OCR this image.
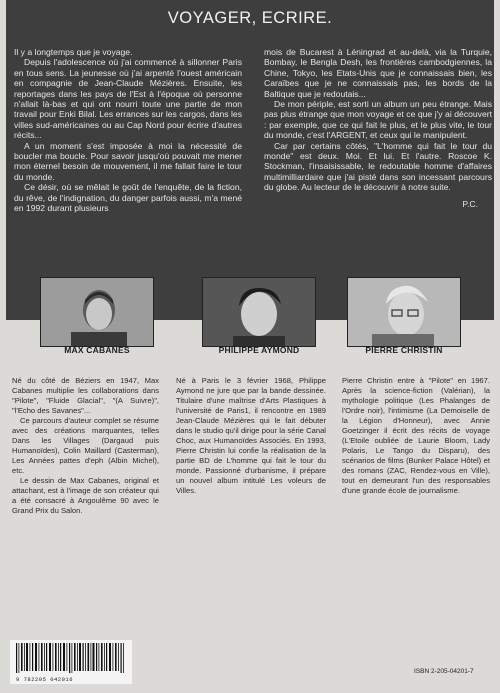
VOYAGER, ECRIRE.

Il y a longtemps que je voyage.

Depuis l'adolescence où j'ai commencé à sillonner Paris en tous sens. La jeunesse où j'ai arpenté l'ouest américain en compagnie de Jean-Claude Mézières. Ensuite, les reportages dans les pays de l'Est à l'époque où personne n'allait là-bas et qui ont nourri toute une partie de mon travail pour Enki Bilal. Les errances sur les cargos, dans les villes sud-américaines ou au Cap Nord pour écrire d'autres récits...

A un moment s'est imposée à moi la nécessité de boucler ma boucle. Pour savoir jusqu'où pouvait me mener mon éternel besoin de mouvement, il me fallait faire le tour du monde.

Ce désir, où se mêlait le goût de l'enquête, de la fiction, du rêve, de l'indignation, du danger parfois aussi, m'a mené en 1992 durant plusieurs

mois de Bucarest à Léningrad et au-delà, via la Turquie, Bombay, le Bengla Desh, les frontières cambodgiennes, la Chine, Tokyo, les Etats-Unis que je connaissais bien, les Caraïbes que je ne connaissais pas, les bords de la Baltique que je redoutais...

De mon périple, est sorti un album un peu étrange. Mais pas plus étrange que mon voyage et ce que j'y ai découvert : par exemple, que ce qui fait le plus, et le plus vite, le tour du monde, c'est l'ARGENT, et ceux qui le manipulent.

Car par certains côtés, "L'homme qui fait le tour du monde" est deux. Moi. Et lui. Et l'autre. Roscoe K. Stockman, l'insaisissable, le redoutable homme d'affaires multimilliardaire que j'ai pisté dans son incessant parcours du globe. Au lecteur de le découvrir à notre suite.

P.C.
MAX CABANES	PHILIPPE AYMOND	PIERRE CHRISTIN

Né du côté de Béziers en 1947, Max Cabanes multiplie les collaborations dans "Pilote", "Fluide Glacial", "(A Suivre)", "l'Echo des Savanes"...

Ce parcours d'auteur complet se résume avec des créations marquantes, telles Dans les Villages (Dargaud puis Humanoïdes), Colin Maillard (Casterman), Les Années pattes d'eph (Albin Michel), etc.

Le dessin de Max Cabanes, original et attachant, est à l'image de son créateur qui a été consacré à Angoulême 90 avec le Grand Prix du Salon.

Né à Paris le 3 février 1968, Philippe Aymond ne jure que par la bande dessinée. Titulaire d'une maîtrise d'Arts Plastiques à l'université de Paris1, il rencontre en 1989 Jean-Claude Mézières qui le fait débuter dans le studio qu'il dirige pour la série Canal Choc, aux Humanoïdes Associés. En 1993, Pierre Christin lui confie la réalisation de la partie BD de L'homme qui fait le tour du monde. Passionné d'urbanisme, il prépare un nouvel album intitulé Les voleurs de Villes.

Pierre Christin entre à "Pilote" en 1967. Après la science-fiction (Valérian), la mythologie politique (Les Phalanges de l'Ordre noir), l'intimisme (La Demoiselle de la Légion d'Honneur), avec Annie Goetzinger il écrit des récits de voyage (L'Etoile oubliée de Laurie Bloom, Lady Polaris, Le Tango du Disparu), des scénarios de films (Bunker Palace Hôtel) et des romans (ZAC, Rendez-vous en Ville), tout en demeurant l'un des responsables d'une grande école de journalisme.

9 782205 042016
ISBN 2-205-04201-7
